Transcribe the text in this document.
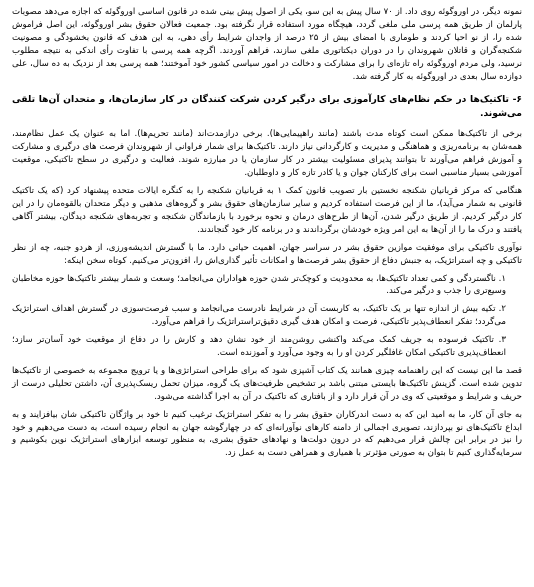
نمونه دیگر، در اوروگوئه روی داد. از ۷۰ سال پیش به این سو، یکی از اصول پیش بینی شده در قانون اساسی اوروگوئه که اجازه می‌دهد مصوبات پارلمان از طریق همه پرسی ملی ملغی گردد، هیچگاه مورد استفاده قرار نگرفته بود. جمعیت فعالان حقوق بشر اوروگوئه، این اصل فراموش شده را، از نو احیا کردند و طوماری با امضای بیش از ۲۵ درصد از واجدان شرایط رأی دهی، به این هدف که قانون بخشودگی و مصونیت شکنجه‌گران و قاتلان شهروندان را در دوران دیکتاتوری ملغی سازند، فراهم آوردند. اگرچه همه پرسی با تفاوت رأی اندکی به نتیجه مطلوب نرسید، ولی مردم اوروگوئه راه تازه‌ای را برای مشارکت و دخالت در امور سیاسی کشور خود آموختند؛ همه پرسی بعد از نزدیک به ده سال، علی دوازده سال بعدی در اوروگوئه به کار گرفته شد.

۶- تاکتیک‌ها در حکم نظام‌های کارآموزی برای درگیر کردن شرکت کنندگان در کار سازمان‌ها، و متحدان آن‌ها تلقی می‌شوند.

برخی از تاکتیک‌ها ممکن است کوتاه مدت باشند (مانند راهپیمایی‌ها). برخی درازمدت‌اند (مانند تحریم‌ها). اما به عنوان یک عمل نظام‌مند، همه‌شان به برنامه‌ریزی و هماهنگی و مدیریت و کارگردانی نیاز دارند. تاکتیک‌ها برای شمار فراوانی از شهروندان فرصت های درگیری و مشارکت و آموزش فراهم می‌آورند تا بتوانند پذیرای مسئولیت بیشتر در کار سازمان یا در مبارزه شوند. فعالیت و درگیری در سطح تاکتیکی، موقعیت آموزشی بسیار مناسبی است برای کارکنان جوان و یا کادر تازه کار و داوطلبان.

هنگامی که مرکز قربانیان شکنجه نخستین بار تصویب قانون کمک ۱ به قربانیان شکنجه را به کنگره ایالات متحده پیشنهاد کرد (که یک تاکتیک قانونی به شمار می‌آید)، ما از این فرصت استفاده کردیم و سایر سازمان‌های حقوق بشر و گروه‌های مذهبی و دیگر متحدان بالقوه‌مان را در این کار درگیر کردیم. از طریق درگیر شدن، آن‌ها از طرح‌های درمان و نحوه برخورد با بازماندگان شکنجه و تجربه‌های شکنجه دیدگان، بیشتر آگاهی یافتند و درک ما را از آن‌ها به این امر ویژه خودشان برگرداندند و در برنامه کار خود گنجاندند.

نوآوری تاکتیکی برای موفقیت موازین حقوق بشر در سراسر جهان، اهمیت حیاتی دارد. ما با گسترش اندیشه‌ورزی، از هردو جنبه، چه از نظر تاکتیکی و چه استراتژیک، به جنبش دفاع از حقوق بشر فرصت‌ها و امکانات تأثیر گذاری‌اش را، افزون‌تر می‌کنیم. کوتاه سخن اینکه:

۱. ناگستردگی و کمی تعداد تاکتیک‌ها، به محدودیت و کوچک‌تر شدن حوزه هواداران می‌انجامد؛ وسعت و شمار بیشتر تاکتیک‌ها حوزه مخاطبان وسیع‌تری را جذب و درگیر می‌کند.

۲. تکیه بیش از اندازه تنها بر یک تاکتیک، به کاربست آن در شرایط نادرست می‌انجامد و سبب فرصت‌سوزی در گسترش اهداف استراتژیک می‌گردد؛ تفکر انعطاف‌پذیر تاکتیکی، فرصت و امکان هدف گیری دقیق‌تراستراتژیک را فراهم می‌آورد.

۳. تاکتیک فرسوده به جریف کمک می‌کند واکنشی روشن‌مند از خود نشان دهد و کارش را در دفاع از موقعیت خود آسان‌تر سازد؛ انعطاف‌پذیری تاکتیکی امکان غافلگیر کردن او را به وجود می‌آورد و آموزنده است.

قصد ما این نیست که این راهنمامه چیزی همانند یک کتاب آشپزی شود که برای طراحی استراتژی‌ها و یا ترویج مجموعه به خصوصی از تاکتیک‌ها تدوین شده است. گزینش تاکتیک‌ها بایستی مبتنی باشد بر تشخیص ظرفیت‌های یک گروه، میزان تحمل ریسک‌پذیری آن، داشتن تحلیلی درست از حریف و شرایط و موقعیتی که وی در آن قرار دارد و از بافتاری که تاکتیک در آن به اجرا گذاشته می‌شود.

به جای آن کار، ما به امید این که به دست اندرکاران حقوق بشر را به تفکر استراتژیک ترغیب کنیم تا خود بر واژگان تاکتیکی شان بیافزایند و به ابداع تاکتیک‌های نو بپردازند، تصویری اجمالی از دامنه کارهای نوآورانه‌ای که در چهارگوشه جهان به انجام رسیده است، به دست می‌دهیم و خود را نیز در برابر این چالش قرار می‌دهیم که در درون دولت‌ها و نهادهای حقوق بشری، به منظور توسعه ابزارهای استراتژیک نوین بکوشیم و سرمایه‌گذاری کنیم تا بتوان به صورتی مؤثرتر با همیاری و همراهی دست به عمل زد.
